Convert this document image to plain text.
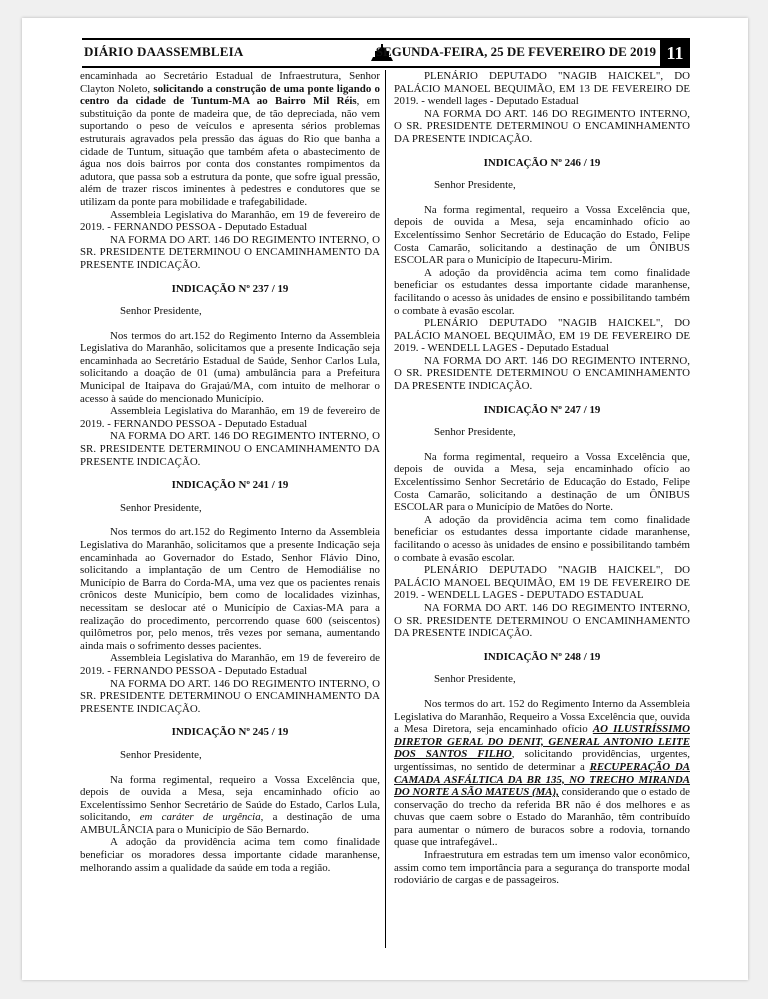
DIÁRIO DAASSEMBLEIA	SEGUNDA-FEIRA, 25 DE FEVEREIRO DE 2019 11

encaminhada ao Secretário Estadual de Infraestrutura, Senhor Clayton Noleto, solicitando a construção de uma ponte ligando o centro da cidade de Tuntum-MA ao Bairro Mil Réis, em substituição da ponte de madeira que, de tão depreciada, não vem suportando o peso de veículos e apresenta sérios problemas estruturais agravados pela pressão das águas do Rio que banha a cidade de Tuntum, situação que também afeta o abastecimento de água nos dois bairros por conta dos constantes rompimentos da adutora, que passa sob a estrutura da ponte, que sofre igual pressão, além de trazer riscos iminentes à pedestres e condutores que se utilizam da ponte para mobilidade e trafegabilidade.

Assembleia Legislativa do Maranhão, em 19 de fevereiro de 2019. - FERNANDO PESSOA - Deputado Estadual

NA FORMA DO ART. 146 DO REGIMENTO INTERNO, O SR. PRESIDENTE DETERMINOU O ENCAMINHAMENTO DA PRESENTE INDICAÇÃO.

INDICAÇÃO Nº 237 / 19

Senhor Presidente,

Nos termos do art.152 do Regimento Interno da Assembleia Legislativa do Maranhão, solicitamos que a presente Indicação seja encaminhada ao Secretário Estadual de Saúde, Senhor Carlos Lula, solicitando a doação de 01 (uma) ambulância para a Prefeitura Municipal de Itaipava do Grajaú/MA, com intuito de melhorar o acesso à saúde do mencionado Município.

Assembleia Legislativa do Maranhão, em 19 de fevereiro de 2019. - FERNANDO PESSOA - Deputado Estadual

NA FORMA DO ART. 146 DO REGIMENTO INTERNO, O SR. PRESIDENTE DETERMINOU O ENCAMINHAMENTO DA PRESENTE INDICAÇÃO.

INDICAÇÃO Nº 241 / 19

Senhor Presidente,

Nos termos do art.152 do Regimento Interno da Assembleia Legislativa do Maranhão, solicitamos que a presente Indicação seja encaminhada ao Governador do Estado, Senhor Flávio Dino, solicitando a implantação de um Centro de Hemodiálise no Município de Barra do Corda-MA, uma vez que os pacientes renais crônicos deste Município, bem como de localidades vizinhas, necessitam se deslocar até o Município de Caxias-MA para a realização do procedimento, percorrendo quase 600 (seiscentos) quilômetros por, pelo menos, três vezes por semana, aumentando ainda mais o sofrimento desses pacientes.

Assembleia Legislativa do Maranhão, em 19 de fevereiro de 2019. - FERNANDO PESSOA - Deputado Estadual

NA FORMA DO ART. 146 DO REGIMENTO INTERNO, O SR. PRESIDENTE DETERMINOU O ENCAMINHAMENTO DA PRESENTE INDICAÇÃO.

INDICAÇÃO Nº 245 / 19

Senhor Presidente,

Na forma regimental, requeiro a Vossa Excelência que, depois de ouvida a Mesa, seja encaminhado ofício ao Excelentíssimo Senhor Secretário de Saúde do Estado, Carlos Lula, solicitando, em caráter de urgência, a destinação de uma AMBULÂNCIA para o Município de São Bernardo.

A adoção da providência acima tem como finalidade beneficiar os moradores dessa importante cidade maranhense, melhorando assim a qualidade da saúde em toda a região.

PLENÁRIO DEPUTADO "NAGIB HAICKEL", DO PALÁCIO MANOEL BEQUIMÃO, EM 13 DE FEVEREIRO DE 2019. - wendell lages - Deputado Estadual

NA FORMA DO ART. 146 DO REGIMENTO INTERNO, O SR. PRESIDENTE DETERMINOU O ENCAMINHAMENTO DA PRESENTE INDICAÇÃO.

INDICAÇÃO Nº 246 / 19

Senhor Presidente,

Na forma regimental, requeiro a Vossa Excelência que, depois de ouvida a Mesa, seja encaminhado ofício ao Excelentíssimo Senhor Secretário de Educação do Estado, Felipe Costa Camarão, solicitando a destinação de um ÔNIBUS ESCOLAR para o Município de Itapecuru-Mirim.

A adoção da providência acima tem como finalidade beneficiar os estudantes dessa importante cidade maranhense, facilitando o acesso às unidades de ensino e possibilitando também o combate à evasão escolar.

PLENÁRIO DEPUTADO "NAGIB HAICKEL", DO PALÁCIO MANOEL BEQUIMÃO, EM 19 DE FEVEREIRO DE 2019. - WENDELL LAGES - Deputado Estadual

NA FORMA DO ART. 146 DO REGIMENTO INTERNO, O SR. PRESIDENTE DETERMINOU O ENCAMINHAMENTO DA PRESENTE INDICAÇÃO.

INDICAÇÃO Nº 247 / 19

Senhor Presidente,

Na forma regimental, requeiro a Vossa Excelência que, depois de ouvida a Mesa, seja encaminhado ofício ao Excelentíssimo Senhor Secretário de Educação do Estado, Felipe Costa Camarão, solicitando a destinação de um ÔNIBUS ESCOLAR para o Município de Matões do Norte.

A adoção da providência acima tem como finalidade beneficiar os estudantes dessa importante cidade maranhense, facilitando o acesso às unidades de ensino e possibilitando também o combate à evasão escolar.

PLENÁRIO DEPUTADO "NAGIB HAICKEL", DO PALÁCIO MANOEL BEQUIMÃO, EM 19 DE FEVEREIRO DE 2019. - WENDELL LAGES - DEPUTADO ESTADUAL

NA FORMA DO ART. 146 DO REGIMENTO INTERNO, O SR. PRESIDENTE DETERMINOU O ENCAMINHAMENTO DA PRESENTE INDICAÇÃO.

INDICAÇÃO Nº 248 / 19

Senhor Presidente,

Nos termos do art. 152 do Regimento Interno da Assembleia Legislativa do Maranhão, Requeiro a Vossa Excelência que, ouvida a Mesa Diretora, seja encaminhado ofício AO ILUSTRÍSSIMO DIRETOR GERAL DO DENIT, GENERAL ANTONIO LEITE DOS SANTOS FILHO, solicitando providências, urgentes, urgentíssimas, no sentido de determinar a RECUPERAÇÃO DA CAMADA ASFÁLTICA DA BR 135, NO TRECHO MIRANDA DO NORTE A SÃO MATEUS (MA), considerando que o estado de conservação do trecho da referida BR não é dos melhores e as chuvas que caem sobre o Estado do Maranhão, têm contribuído para aumentar o número de buracos sobre a rodovia, tornando quase que intrafegável..

Infraestrutura em estradas tem um imenso valor econômico, assim como tem importância para a segurança do transporte modal rodoviário de cargas e de passageiros.
